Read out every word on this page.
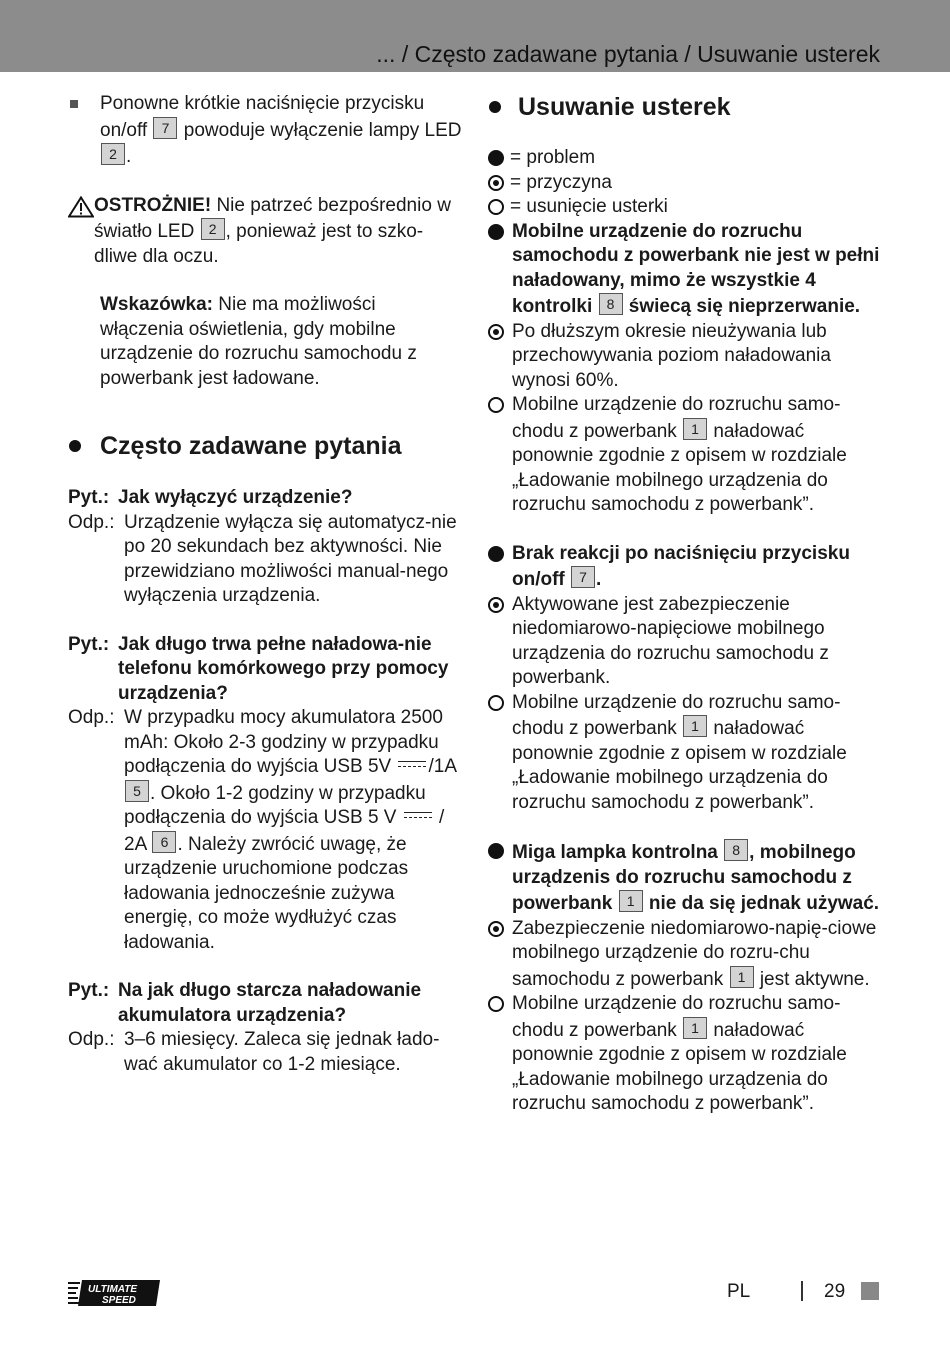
... / Często zadawane pytania / Usuwanie usterek
Ponowne krótkie naciśnięcie przycisku on/off 7 powoduje wyłączenie lampy LED 2 .
OSTROŻNIE! Nie patrzeć bezpośrednio w światło LED 2 , ponieważ jest to szko-dliwe dla oczu.
Wskazówka: Nie ma możliwości włączenia oświetlenia, gdy mobilne urządzenie do rozruchu samochodu z powerbank jest ładowane.
Często zadawane pytania
Pyt.: Jak wyłączyć urządzenie?
Odp.: Urządzenie wyłącza się automatycz-nie po 20 sekundach bez aktywności. Nie przewidziano możliwości manual-nego wyłączenia urządzenia.
Pyt.: Jak długo trwa pełne naładowa-nie telefonu komórkowego przy pomocy urządzenia?
Odp.: W przypadku mocy akumulatora 2500 mAh: Około 2-3 godziny w przypadku podłączenia do wyjścia USB 5V /1A 5 . Około 1-2 godziny w przypadku podłączenia do wyjścia USB 5 V / 2A 6 . Należy zwrócić uwagę, że urządzenie uruchomione podczas ładowania jednocześnie zużywa energię, co może wydłużyć czas ładowania.
Pyt.: Na jak długo starcza naładowanie akumulatora urządzenia?
Odp.: 3–6 miesięcy. Zaleca się jednak łado-wać akumulator co 1-2 miesiące.
Usuwanie usterek
= problem
= przyczyna
= usunięcie usterki
Mobilne urządzenie do rozruchu samochodu z powerbank nie jest w pełni naładowany, mimo że wszystkie 4 kontrolki 8 świecą się nieprzerwanie.
Po dłuższym okresie nieużywania lub przechowywania poziom naładowania wynosi 60%.
Mobilne urządzenie do rozruchu samo-chodu z powerbank 1 naładować ponownie zgodnie z opisem w rozdziale „Ładowanie mobilnego urządzenia do rozruchu samochodu z powerbank”.
Brak reakcji po naciśnięciu przycisku on/off 7 .
Aktywowane jest zabezpieczenie niedomiarowo-napięciowe mobilnego urządzenia do rozruchu samochodu z powerbank.
Mobilne urządzenie do rozruchu samo-chodu z powerbank 1 naładować ponownie zgodnie z opisem w rozdziale „Ładowanie mobilnego urządzenia do rozruchu samochodu z powerbank”.
Miga lampka kontrolna 8 , mobilnego urządzenis do rozruchu samochodu z powerbank 1 nie da się jednak używać.
Zabezpieczenie niedomiarowo-napię-ciowe mobilnego urządzenie do rozru-chu samochodu z powerbank 1 jest aktywne.
Mobilne urządzenie do rozruchu samo-chodu z powerbank 1 naładować ponownie zgodnie z opisem w rozdziale „Ładowanie mobilnego urządzenia do rozruchu samochodu z powerbank”.
ULTIMATE
SPEED	PL	29
